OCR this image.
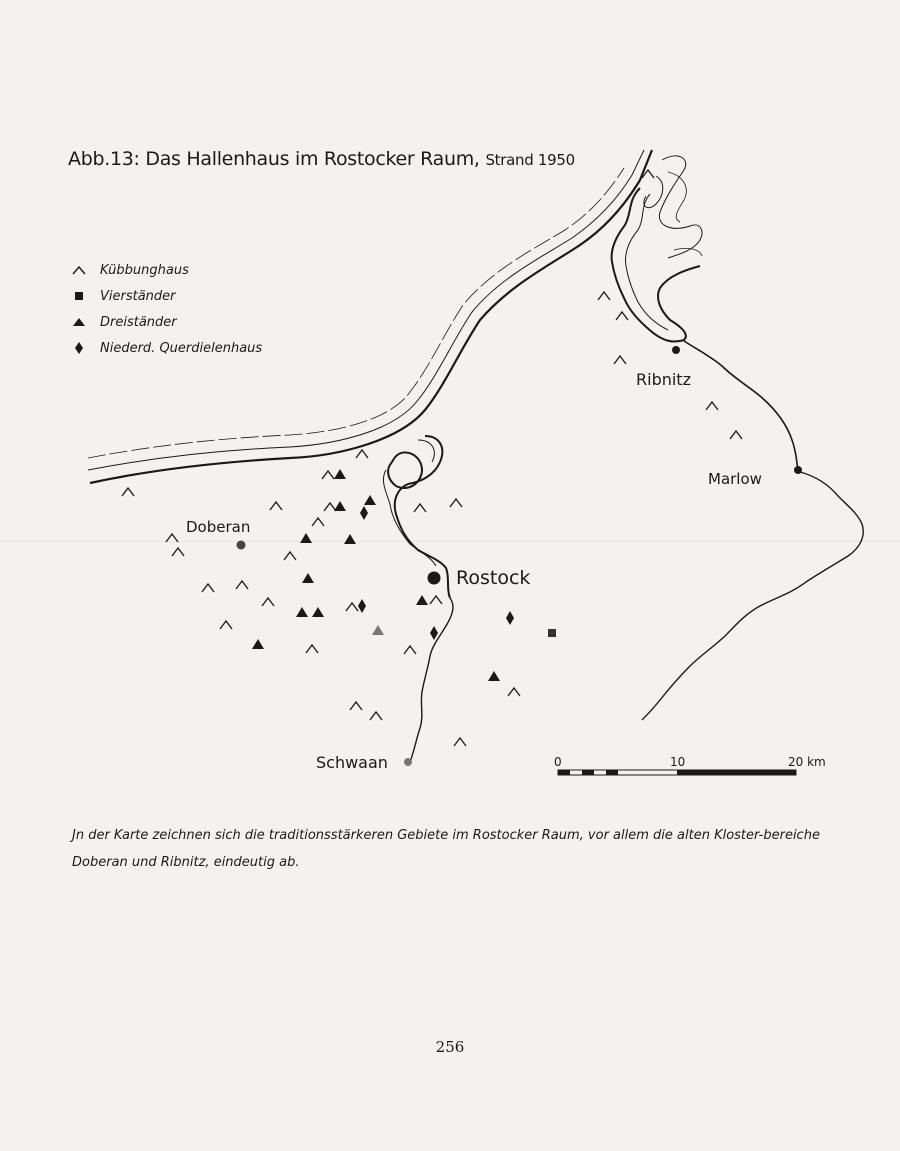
Abb.13: Das Hallenhaus im Rostocker Raum, Strand 1950
Kübbunghaus
Vierständer
Dreiständer
Niederd. Querdielenhaus
Ribnitz
Marlow
Doberan
Rostock
Schwaan	0	10	20 km
Jn der Karte zeichnen sich die traditionsstärkeren Gebiete im Rostocker Raum, vor allem die alten Kloster-bereiche Doberan und Ribnitz, eindeutig ab.
256
